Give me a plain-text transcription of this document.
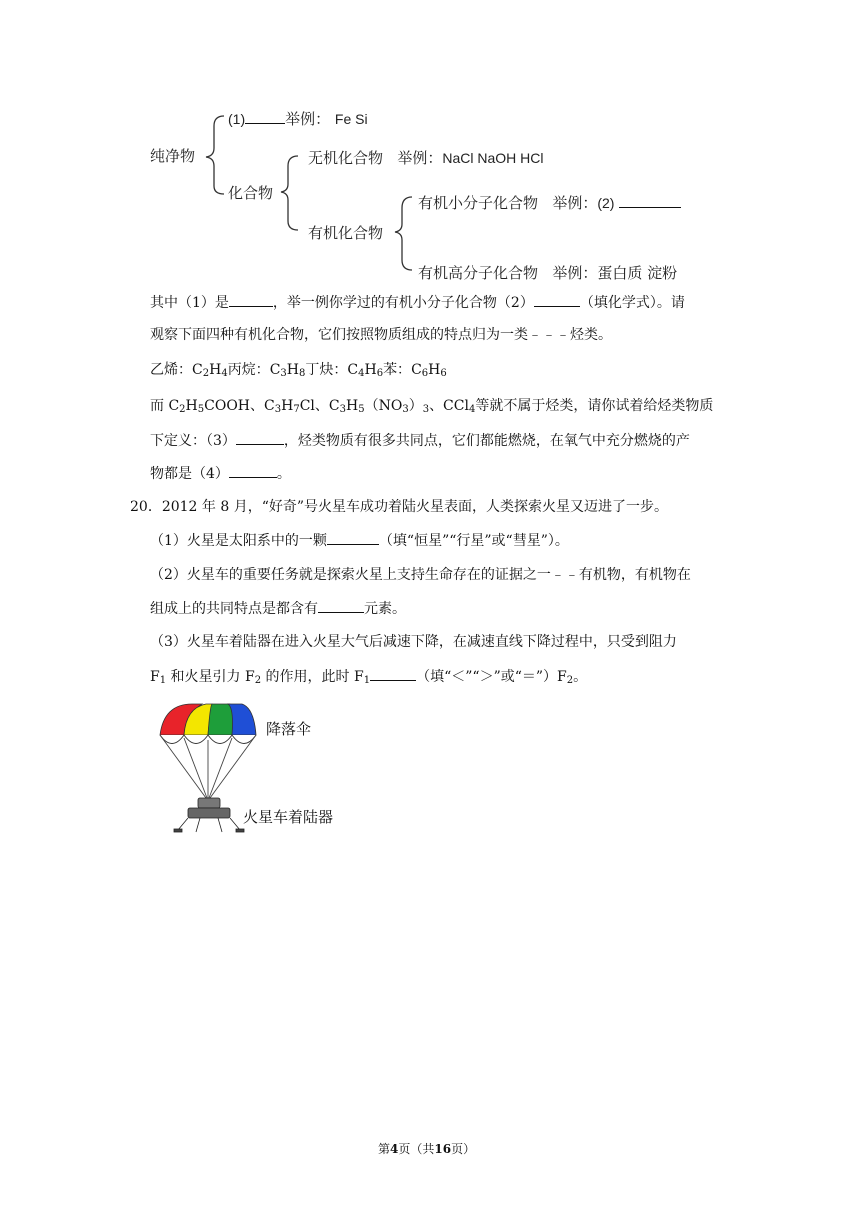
纯净物
(1)	举例： Fe Si
化合物
无机化合物 举例：NaCl NaOH HCl
有机化合物
有机小分子化合物 举例：(2)
有机高分子化合物 举例：蛋白质 淀粉
其中（1）是	，举一例你学过的有机小分子化合物（2）	（填化学式）。请
观察下面四种有机化合物，它们按照物质组成的特点归为一类﹣﹣﹣烃类。
乙烯：$C_2H_4$丙烷：$C_3H_8$丁炔：$C_4H_6$苯：$C_6H_6$
而 $C_2H_5COOH$、$C_3H_7Cl$、$C_3H_5(NO_3)_3$、CCl$_4$等就不属于烃类，请你试着给烃类物质
下定义：（3）	，烃类物质有很多共同点，它们都能燃烧，在氧气中充分燃烧的产
物都是（4）	。
20．2012 年 8 月，“好奇”号火星车成功着陆火星表面，人类探索火星又迈进了一步。
（1）火星是太阳系中的一颗	（填“恒星”“行星”或“彗星”）。
（2）火星车的重要任务就是探索火星上支持生命存在的证据之一﹣﹣有机物，有机物在
组成上的共同特点是都含有	元素。
（3）火星车着陆器在进入火星大气后减速下降，在减速直线下降过程中，只受到阻力
$F_1$ 和火星引力 $F_2$ 的作用，此时 $F_1$	（填“＜”“＞”或“$=”)F_2$。
降落伞
火星车着陆器
第4页（共16页）
